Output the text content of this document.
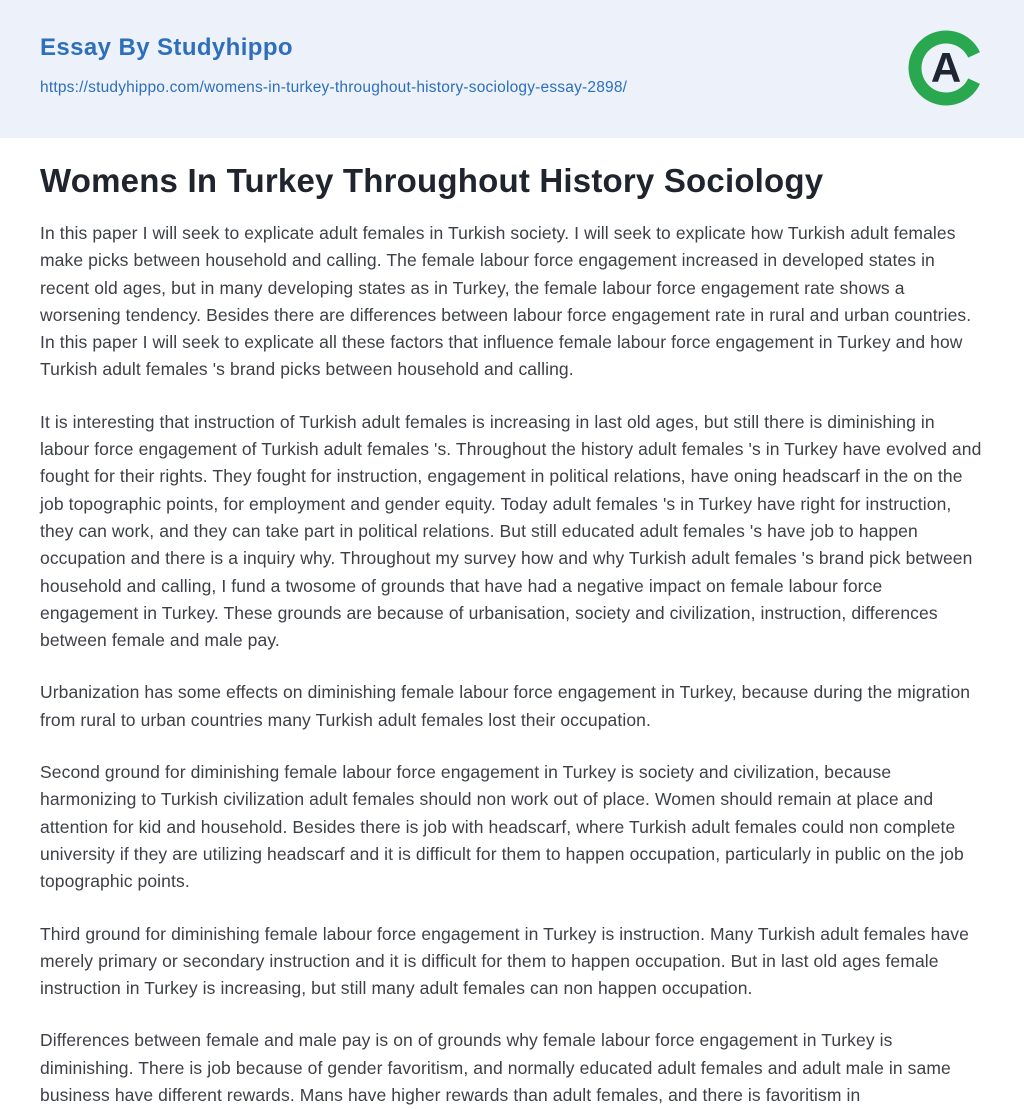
Essay By Studyhippo
https://studyhippo.com/womens-in-turkey-throughout-history-sociology-essay-2898/	A
Womens In Turkey Throughout History Sociology

In this paper I will seek to explicate adult females in Turkish society. I will seek to explicate how Turkish adult females make picks between household and calling. The female labour force engagement increased in developed states in recent old ages, but in many developing states as in Turkey, the female labour force engagement rate shows a worsening tendency. Besides there are differences between labour force engagement rate in rural and urban countries. In this paper I will seek to explicate all these factors that influence female labour force engagement in Turkey and how Turkish adult females 's brand picks between household and calling.

It is interesting that instruction of Turkish adult females is increasing in last old ages, but still there is diminishing in labour force engagement of Turkish adult females 's. Throughout the history adult females 's in Turkey have evolved and fought for their rights. They fought for instruction, engagement in political relations, have oning headscarf in the on the job topographic points, for employment and gender equity. Today adult females 's in Turkey have right for instruction, they can work, and they can take part in political relations. But still educated adult females 's have job to happen occupation and there is a inquiry why. Throughout my survey how and why Turkish adult females 's brand pick between household and calling, I fund a twosome of grounds that have had a negative impact on female labour force engagement in Turkey. These grounds are because of urbanisation, society and civilization, instruction, differences between female and male pay.

Urbanization has some effects on diminishing female labour force engagement in Turkey, because during the migration from rural to urban countries many Turkish adult females lost their occupation.

Second ground for diminishing female labour force engagement in Turkey is society and civilization, because harmonizing to Turkish civilization adult females should non work out of place. Women should remain at place and attention for kid and household. Besides there is job with headscarf, where Turkish adult females could non complete university if they are utilizing headscarf and it is difficult for them to happen occupation, particularly in public on the job topographic points.

Third ground for diminishing female labour force engagement in Turkey is instruction. Many Turkish adult females have merely primary or secondary instruction and it is difficult for them to happen occupation. But in last old ages female instruction in Turkey is increasing, but still many adult females can non happen occupation.

Differences between female and male pay is on of grounds why female labour force engagement in Turkey is diminishing. There is job because of gender favoritism, and normally educated adult females and adult male in same business have different rewards. Mans have higher rewards than adult females, and there is favoritism in
